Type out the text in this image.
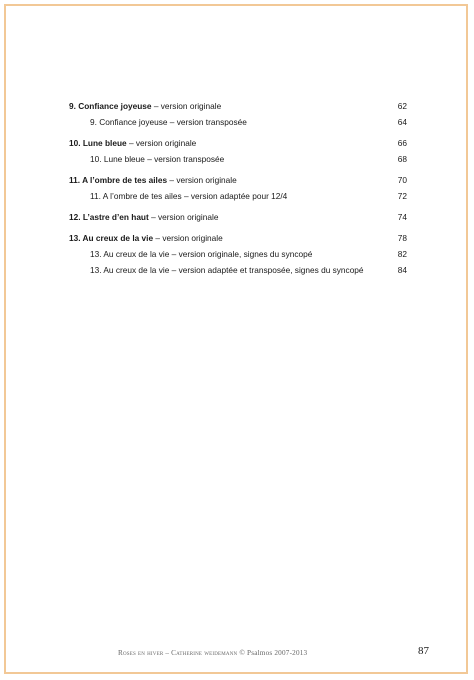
9. Confiance joyeuse – version originale	62
9. Confiance joyeuse – version transposée	64
10. Lune bleue – version originale	66
10. Lune bleue – version transposée	68
11. A l’ombre de tes ailes – version originale	70
11. A l’ombre de tes ailes – version adaptée pour 12/4	72
12. L’astre d’en haut – version originale	74
13. Au creux de la vie – version originale	78
13. Au creux de la vie – version originale, signes du syncopé	82
13. Au creux de la vie – version adaptée et transposée, signes du syncopé	84
Roses en hiver – Catherine weidemann © Psalmos 2007-2013	87
